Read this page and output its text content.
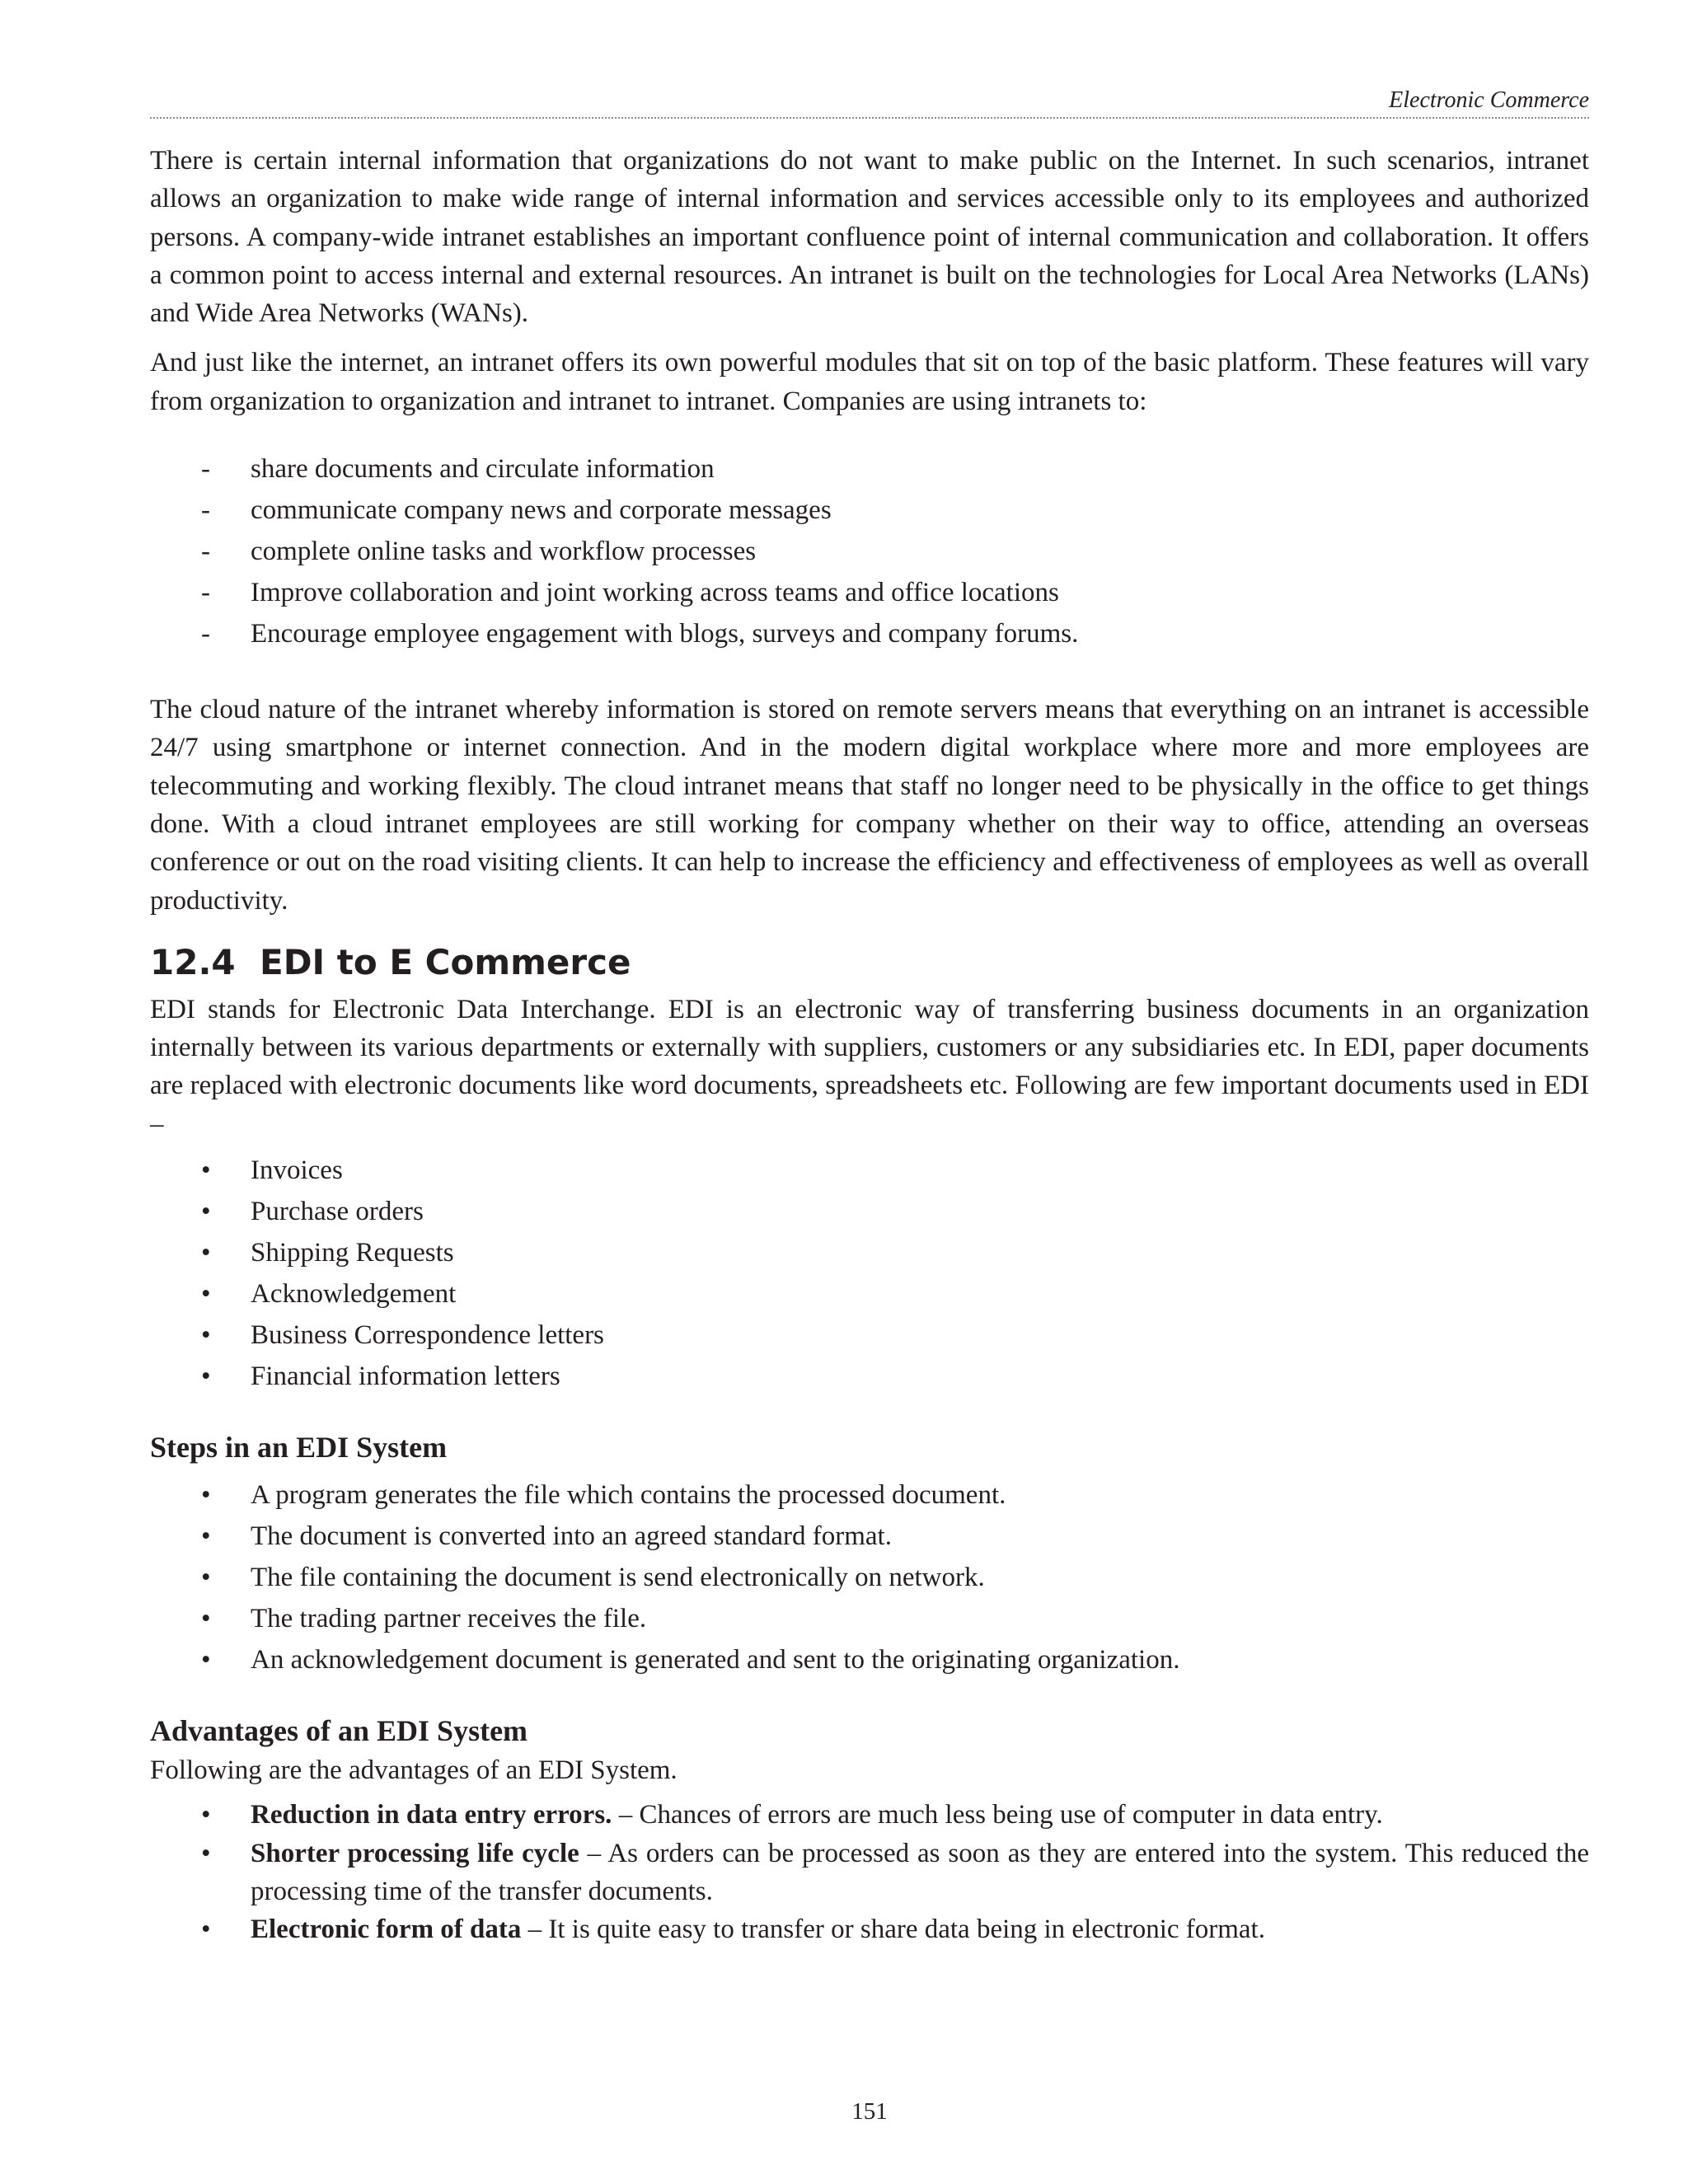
Electronic Commerce

There is certain internal information that organizations do not want to make public on the Internet. In such scenarios, intranet allows an organization to make wide range of internal information and services accessible only to its employees and authorized persons. A company-wide intranet establishes an important confluence point of internal communication and collaboration. It offers a common point to access internal and external resources. An intranet is built on the technologies for Local Area Networks (LANs) and Wide Area Networks (WANs).

And just like the internet, an intranet offers its own powerful modules that sit on top of the basic platform. These features will vary from organization to organization and intranet to intranet. Companies are using intranets to:

- share documents and circulate information
- communicate company news and corporate messages
- complete online tasks and workflow processes
- Improve collaboration and joint working across teams and office locations
- Encourage employee engagement with blogs, surveys and company forums.

The cloud nature of the intranet whereby information is stored on remote servers means that everything on an intranet is accessible 24/7 using smartphone or internet connection. And in the modern digital workplace where more and more employees are telecommuting and working flexibly. The cloud intranet means that staff no longer need to be physically in the office to get things done. With a cloud intranet employees are still working for company whether on their way to office, attending an overseas conference or out on the road visiting clients. It can help to increase the efficiency and effectiveness of employees as well as overall productivity.

12.4 EDI to E Commerce

EDI stands for Electronic Data Interchange. EDI is an electronic way of transferring business documents in an organization internally between its various departments or externally with suppliers, customers or any subsidiaries etc. In EDI, paper documents are replaced with electronic documents like word documents, spreadsheets etc. Following are few important documents used in EDI –

• Invoices
• Purchase orders
• Shipping Requests
• Acknowledgement
• Business Correspondence letters
• Financial information letters
Steps in an EDI System
• A program generates the file which contains the processed document.
• The document is converted into an agreed standard format.
• The file containing the document is send electronically on network.
• The trading partner receives the file.
• An acknowledgement document is generated and sent to the originating organization.
Advantages of an EDI System

Following are the advantages of an EDI System.

• Reduction in data entry errors. – Chances of errors are much less being use of computer in data entry.
• Shorter processing life cycle – As orders can be processed as soon as they are entered into the system. This reduced the processing time of the transfer documents.
• Electronic form of data – It is quite easy to transfer or share data being in electronic format.
151
